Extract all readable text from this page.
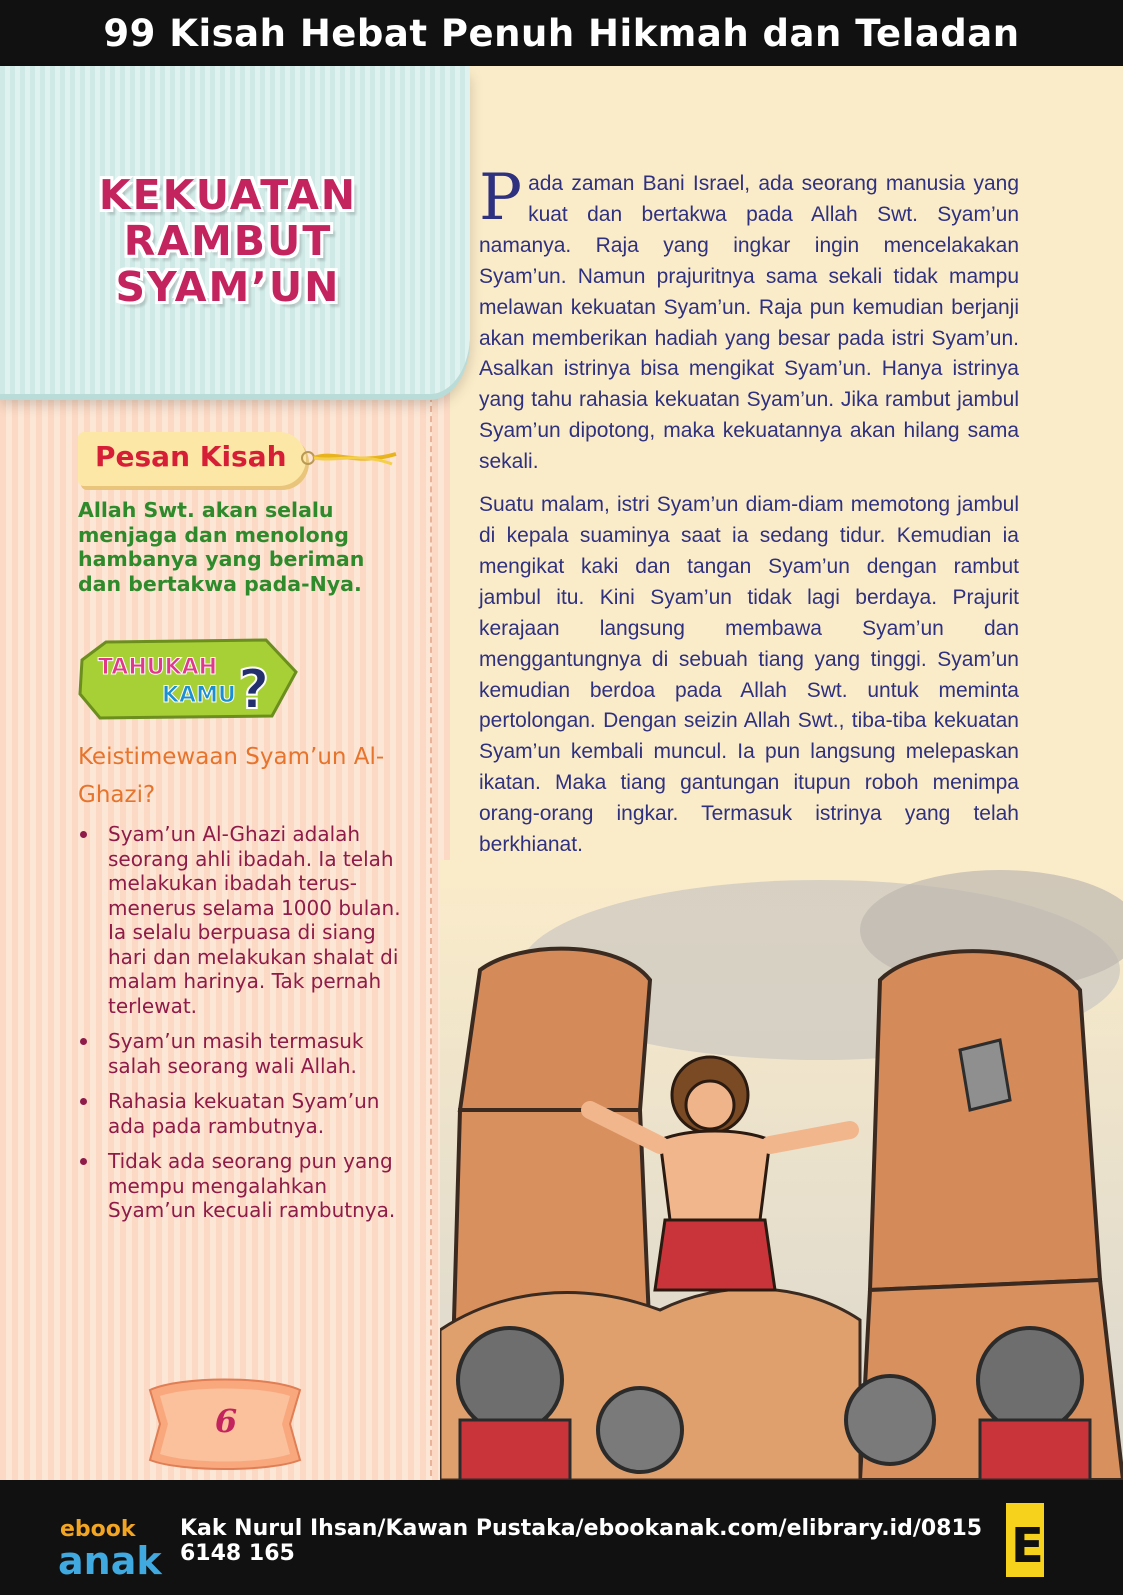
99 Kisah Hebat Penuh Hikmah dan Teladan
KEKUATAN
RAMBUT
SYAM’UN
Pesan Kisah
Allah Swt. akan selalu menjaga dan menolong hambanya yang beriman dan bertakwa pada-Nya.
TAHUKAH
KAMU ?
Keistimewaan Syam’un Al-Ghazi?
Syam’un Al-Ghazi adalah seorang ahli ibadah. Ia telah melakukan ibadah terus-menerus selama 1000 bulan. Ia selalu berpuasa di siang hari dan melakukan shalat di malam harinya. Tak pernah terlewat.
Syam’un masih termasuk salah seorang wali Allah.
Rahasia kekuatan Syam’un ada pada rambutnya.
Tidak ada seorang pun yang mempu mengalahkan Syam’un kecuali rambutnya.
6

Pada zaman Bani Israel, ada seorang manusia yang kuat dan bertakwa pada Allah Swt. Syam’un namanya. Raja yang ingkar ingin mencelakakan Syam’un. Namun prajuritnya sama sekali tidak mampu melawan kekuatan Syam’un. Raja pun kemudian berjanji akan memberikan hadiah yang besar pada istri Syam’un. Asalkan istrinya bisa mengikat Syam’un. Hanya istrinya yang tahu rahasia kekuatan Syam’un. Jika rambut jambul Syam’un dipotong, maka kekuatannya akan hilang sama sekali.

Suatu malam, istri Syam’un diam-diam memotong jambul di kepala suaminya saat ia sedang tidur. Kemudian ia mengikat kaki dan tangan Syam’un dengan rambut jambul itu. Kini Syam’un tidak lagi berdaya. Prajurit kerajaan langsung membawa Syam’un dan menggantungnya di sebuah tiang yang tinggi. Syam’un kemudian berdoa pada Allah Swt. untuk meminta pertolongan. Dengan seizin Allah Swt., tiba-tiba kekuatan Syam’un kembali muncul. Ia pun langsung melepaskan ikatan. Maka tiang gantungan itupun roboh menimpa orang-orang ingkar. Termasuk istrinya yang telah berkhianat.

ebook
anak
Kak Nurul Ihsan/Kawan Pustaka/ebookanak.com/elibrary.id/0815 6148 165	E
